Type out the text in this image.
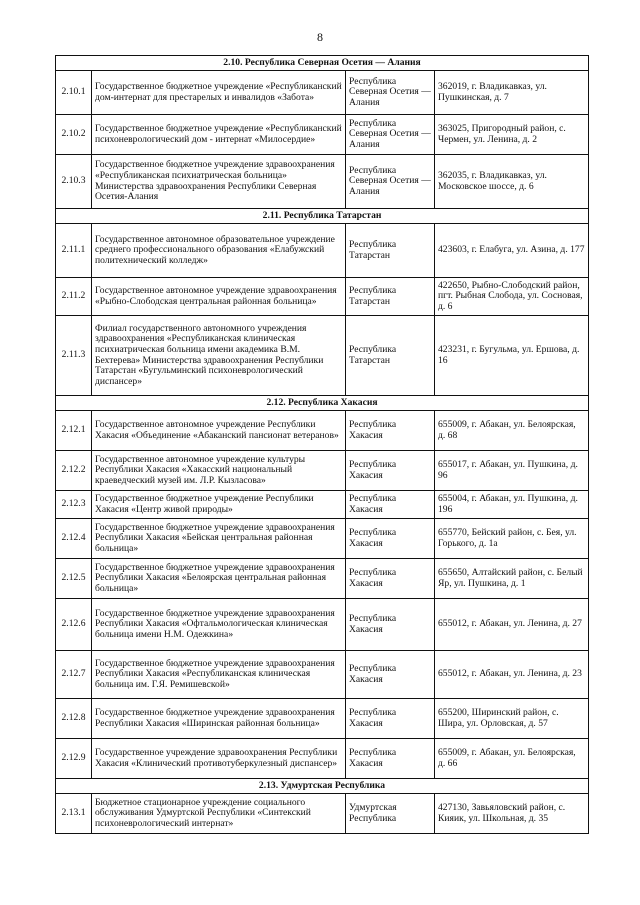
8
2.10. Республика Северная Осетия — Алания			
2.10.1	Государственное бюджетное учреждение «Республиканский дом-интернат для престарелых и инвалидов «Забота»	Республика Северная Осетия — Алания	362019, г. Владикавказ, ул. Пушкинская, д. 7
2.10.2	Государственное бюджетное учреждение «Республиканский психоневрологический дом - интернат «Милосердие»	Республика Северная Осетия — Алания	363025, Пригородный район, с. Чермен, ул. Ленина, д. 2
2.10.3	Государственное бюджетное учреждение здравоохранения «Республиканская психиатрическая больница» Министерства здравоохранения Республики Северная Осетия-Алания	Республика Северная Осетия — Алания	362035, г. Владикавказ, ул. Московское шоссе, д. 6
2.11. Республика Татарстан			
2.11.1	Государственное автономное образовательное учреждение среднего профессионального образования «Елабужский политехнический колледж»	Республика Татарстан	423603, г. Елабуга, ул. Азина, д. 177
2.11.2	Государственное автономное учреждение здравоохранения «Рыбно-Слободская центральная районная больница»	Республика Татарстан	422650, Рыбно-Слободский район, пгт. Рыбная Слобода, ул. Сосновая, д. 6
2.11.3	Филиал государственного автономного учреждения здравоохранения «Республиканская клиническая психиатрическая больница имени академика В.М. Бехтерева» Министерства здравоохранения Республики Татарстан «Бугульминский психоневрологический диспансер»	Республика Татарстан	423231, г. Бугульма, ул. Ершова, д. 16
2.12. Республика Хакасия			
2.12.1	Государственное автономное учреждение Республики Хакасия «Объединение «Абаканский пансионат ветеранов»	Республика Хакасия	655009, г. Абакан, ул. Белоярская, д. 68
2.12.2	Государственное автономное учреждение культуры Республики Хакасия «Хакасский национальный краеведческий музей им. Л.Р. Кызласова»	Республика Хакасия	655017, г. Абакан, ул. Пушкина, д. 96
2.12.3	Государственное бюджетное учреждение Республики Хакасия «Центр живой природы»	Республика Хакасия	655004, г. Абакан, ул. Пушкина, д. 196
2.12.4	Государственное бюджетное учреждение здравоохранения Республики Хакасия «Бейская центральная районная больница»	Республика Хакасия	655770, Бейский район, с. Бея, ул. Горького, д. 1а
2.12.5	Государственное бюджетное учреждение здравоохранения Республики Хакасия «Белоярская центральная районная больница»	Республика Хакасия	655650, Алтайский район, с. Белый Яр, ул. Пушкина, д. 1
2.12.6	Государственное бюджетное учреждение здравоохранения Республики Хакасия «Офтальмологическая клиническая больница имени Н.М. Одежкина»	Республика Хакасия	655012, г. Абакан, ул. Ленина, д. 27
2.12.7	Государственное бюджетное учреждение здравоохранения Республики Хакасия «Республиканская клиническая больница им. Г.Я. Ремишевской»	Республика Хакасия	655012, г. Абакан, ул. Ленина, д. 23
2.12.8	Государственное бюджетное учреждение здравоохранения Республики Хакасия «Ширинская районная больница»	Республика Хакасия	655200, Ширинский район, с. Шира, ул. Орловская, д. 57
2.12.9	Государственное учреждение здравоохранения Республики Хакасия «Клинический противотуберкулезный диспансер»	Республика Хакасия	655009, г. Абакан, ул. Белоярская, д. 66
2.13. Удмуртская Республика			
2.13.1	Бюджетное стационарное учреждение социального обслуживания Удмуртской Республики «Синтекский психоневрологический интернат»	Удмуртская Республика	427130, Завьяловский район, с. Кияик, ул. Школьная, д. 35
